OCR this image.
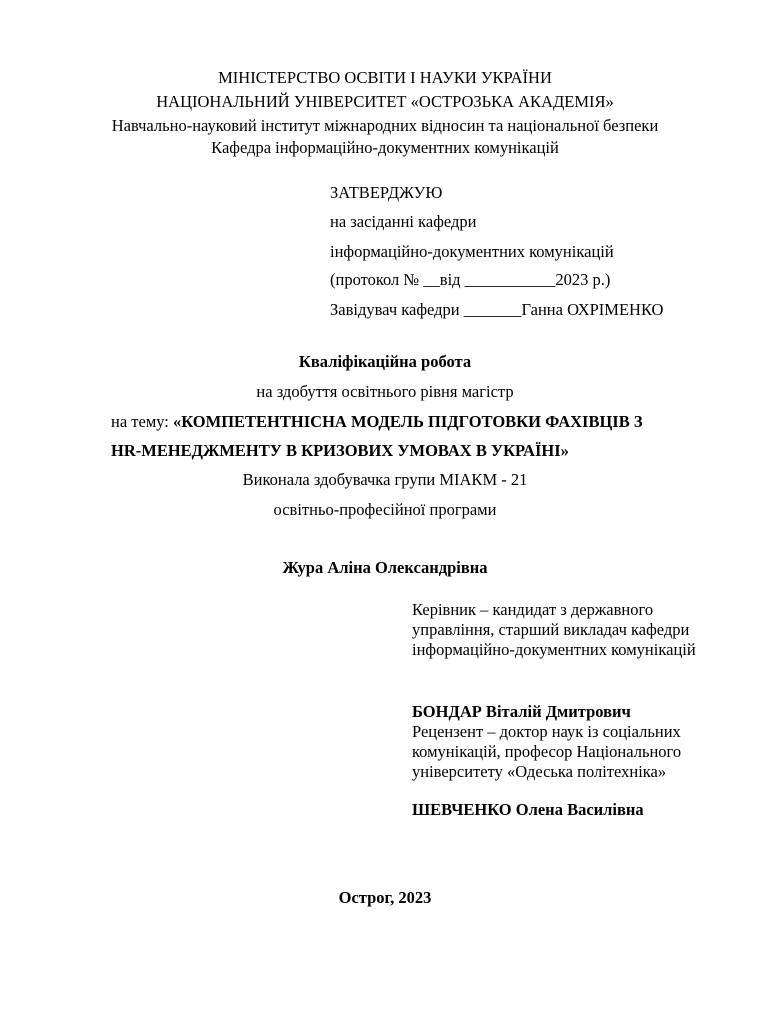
МІНІСТЕРСТВО ОСВІТИ І НАУКИ УКРАЇНИ
НАЦІОНАЛЬНИЙ УНІВЕРСИТЕТ «ОСТРОЗЬКА АКАДЕМІЯ»
Навчально-науковий інститут міжнародних відносин та національної безпеки
Кафедра інформаційно-документних комунікацій
ЗАТВЕРДЖУЮ
на засіданні кафедри
інформаційно-документних комунікацій
(протокол № __від ___________2023 р.)
Завідувач кафедри _______Ганна ОХРІМЕНКО
Кваліфікаційна робота
на здобуття освітнього рівня магістр
на тему: «КОМПЕТЕНТНІСНА МОДЕЛЬ ПІДГОТОВКИ ФАХІВЦІВ З
HR-МЕНЕДЖМЕНТУ В КРИЗОВИХ УМОВАХ В УКРАЇНІ»
Виконала здобувачка групи МІАКМ - 21
освітньо-професійної програми
Жура Аліна Олександрівна
Керівник – кандидат з державного
управління, старший викладач кафедри
інформаційно-документних комунікацій
БОНДАР Віталій Дмитрович
Рецензент – доктор наук із соціальних
комунікацій, професор Національного
університету «Одеська політехніка»
ШЕВЧЕНКО Олена Василівна
Острог, 2023
